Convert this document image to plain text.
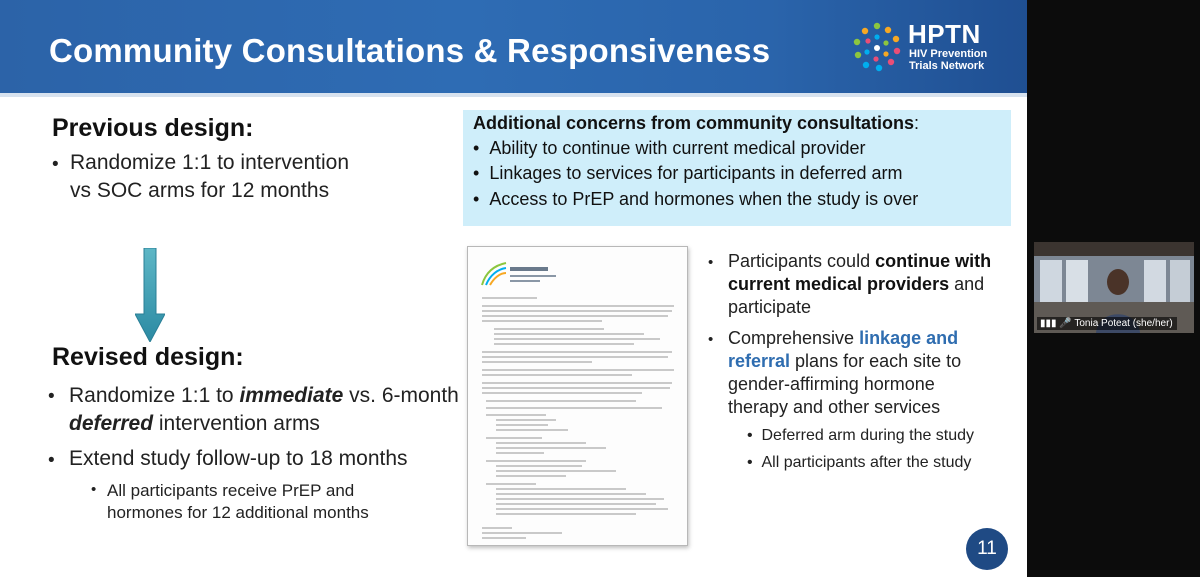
Community Consultations & Responsiveness	HPTN
HIV Prevention Trials Network
Previous design:
• Randomize 1:1 to intervention vs SOC arms for 12 months
Revised design:
• Randomize 1:1 to immediate vs. 6-month deferred intervention arms
• Extend study follow-up to 18 months
• All participants receive PrEP and hormones for 12 additional months
Additional concerns from community consultations:
•  Ability to continue with current medical provider
•  Linkages to services for participants in deferred arm
•  Access to PrEP and hormones when the study is over
• Participants could continue with current medical providers and participate
• Comprehensive linkage and referral plans for each site to gender-affirming hormone therapy and other services
•  Deferred arm during the study
•  All participants after the study
11
▮▮▮ 🎤 Tonia Poteat (she/her)
